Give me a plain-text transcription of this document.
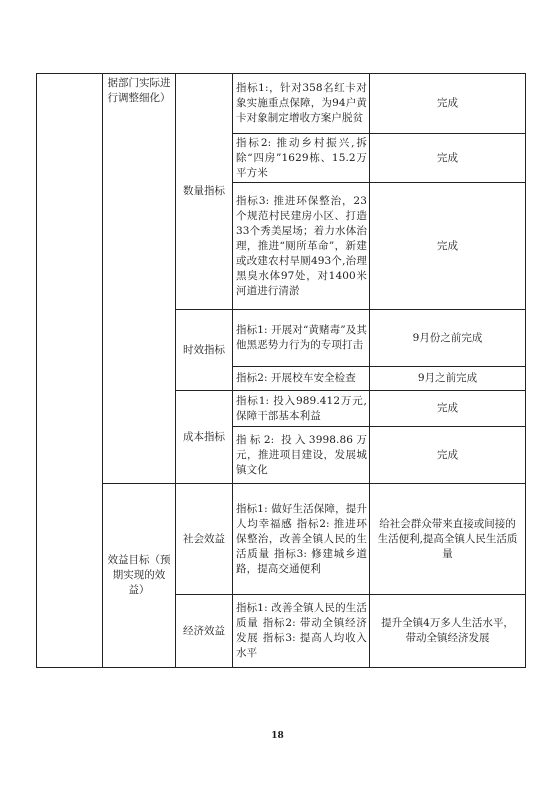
	据部门实际进行调整细化）	数量指标	指标1:，针对358名红卡对象实施重点保障，为94户黄卡对象制定增收方案户脱贫	完成

			指标2: 推动乡村振兴,拆除“四房”1629栋、15.2万平方米	完成

			指标3: 推进环保整治，23个规范村民建房小区、打造33个秀美屋场；着力水体治理，推进“厕所革命”，新建或改建农村旱厕493个,治理黑臭水体97处，对1400米河道进行清淤	完成
		时效指标	指标1: 开展对“黄赌毒”及其他黑恶势力行为的专项打击	9月份之前完成

			指标2: 开展校车安全检查	9月之前完成
		成本指标	指标1: 投入989.412万元,保障干部基本利益	完成

			指标2: 投入3998.86万元，推进项目建设，发展城镇文化	完成
	效益目标（预期实现的效益）	社会效益	指标1: 做好生活保障，提升人均幸福感 指标2: 推进环保整治，改善全镇人民的生活质量 指标3: 修建城乡道路，提高交通便利	给社会群众带来直接或间接的生活便利,提高全镇人民生活质量
		经济效益	指标1: 改善全镇人民的生活质量 指标2: 带动全镇经济发展 指标3: 提高人均收入水平	提升全镇4万多人生活水平，带动全镇经济发展
18
